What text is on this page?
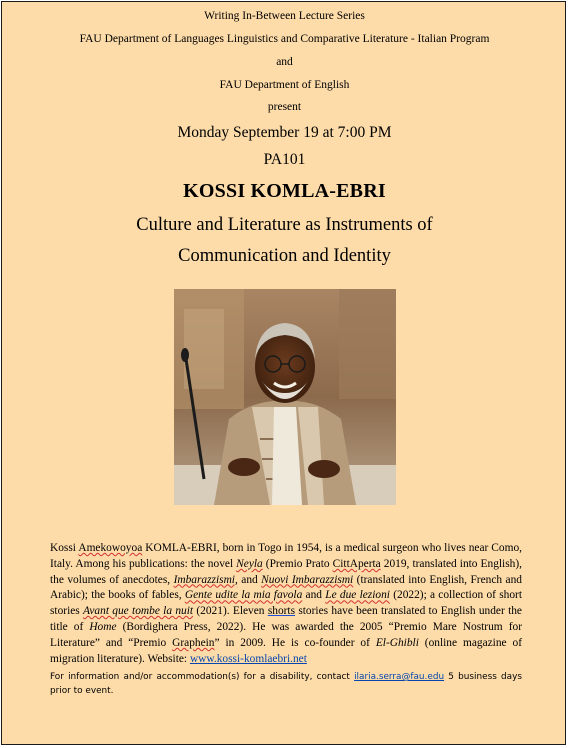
Writing In-Between Lecture Series
FAU Department of Languages Linguistics and Comparative Literature - Italian Program
and
FAU Department of English
present
Monday September 19 at 7:00 PM
PA101
KOSSI KOMLA-EBRI
Culture and Literature as Instruments of
Communication and Identity
Kossi Amekowoyoa KOMLA-EBRI, born in Togo in 1954, is a medical surgeon who lives near Como, Italy. Among his publications: the novel Neyla (Premio Prato CittAperta 2019, translated into English), the volumes of anecdotes, Imbarazzismi, and Nuovi Imbarazzismi (translated into English, French and Arabic); the books of fables, Gente udite la mia favola and Le due lezioni (2022); a collection of short stories Avant que tombe la nuit (2021). Eleven shorts stories have been translated to English under the title of Home (Bordighera Press, 2022). He was awarded the 2005 “Premio Mare Nostrum for Literature” and “Premio Graphein” in 2009. He is co-founder of El-Ghibli (online magazine of migration literature). Website: www.kossi-komlaebri.net
For information and/or accommodation(s) for a disability, contact ilaria.serra@fau.edu 5 business days prior to event.
